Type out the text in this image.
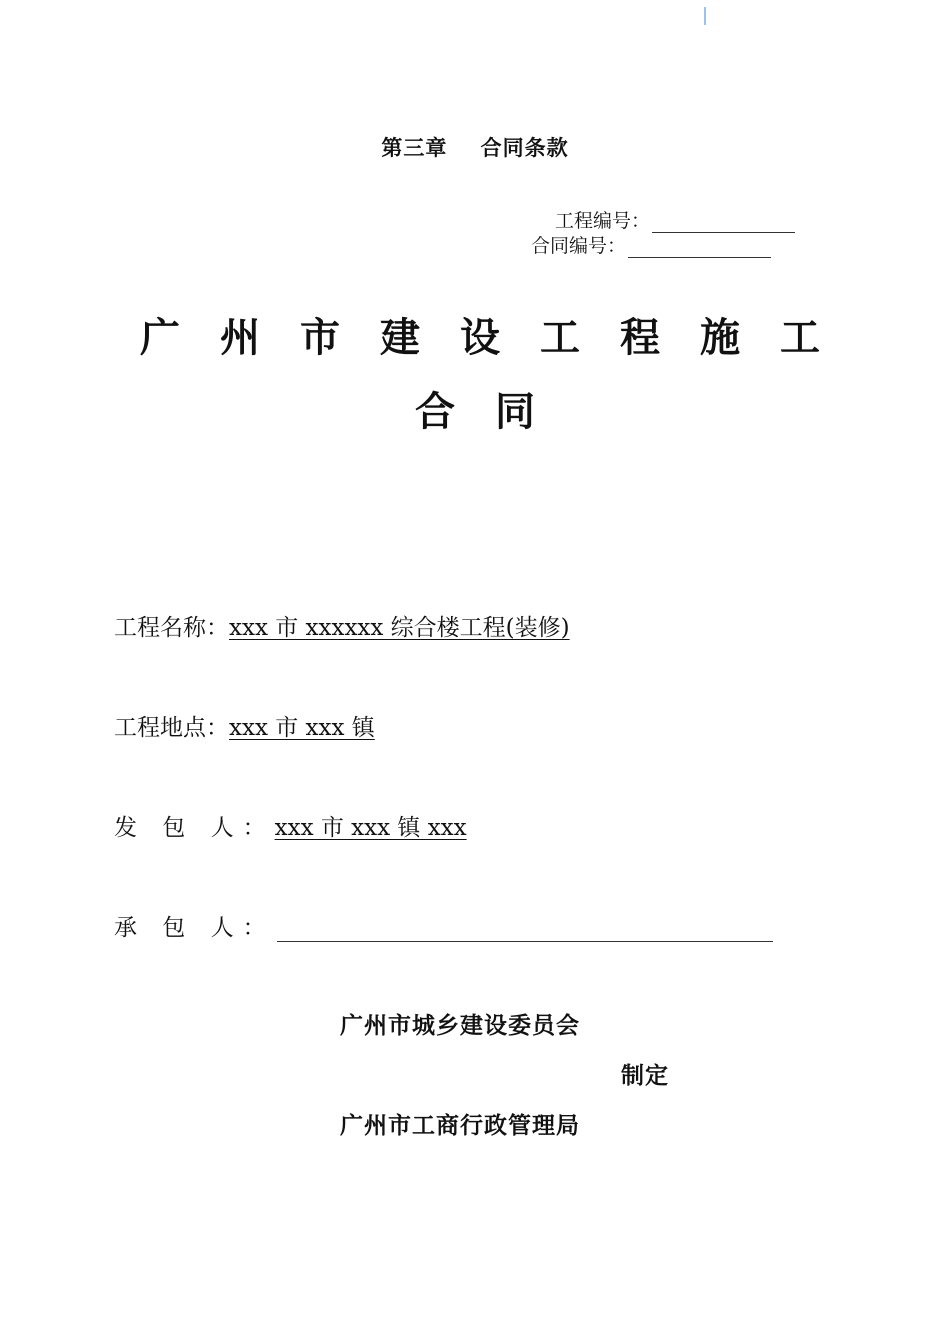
第三章    合同条款
工程编号：
合同编号：
广 州 市 建 设 工 程 施 工
合 同
工程名称： xxx 市 xxxxxx 综合楼工程(装修)
工程地点： xxx 市 xxx 镇
发 包 人： xxx 市 xxx 镇 xxx
承 包 人：
广州市城乡建设委员会
制定
广州市工商行政管理局
